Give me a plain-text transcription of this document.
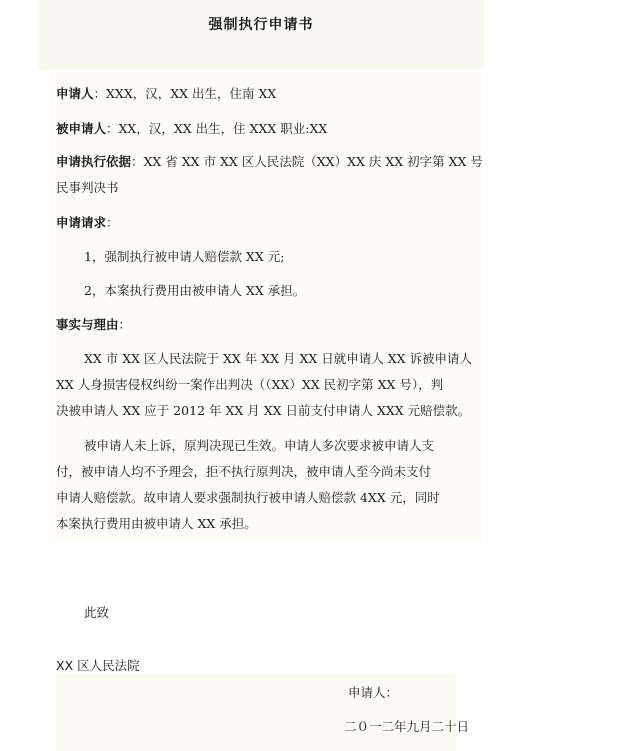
强制执行申请书
申请人：XXX，汉，XX 出生，住南 XX
被申请人：XX，汉，XX 出生，住 XXX 职业:XX
申请执行依据：XX 省 XX 市 XX 区人民法院（XX）XX 庆 XX 初字第 XX 号
民事判决书
申请请求：
1，强制执行被申请人赔偿款 XX 元;
2，本案执行费用由被申请人 XX 承担。
事实与理由：
XX 市 XX 区人民法院于 XX 年 XX 月 XX 日就申请人 XX 诉被申请人
XX 人身损害侵权纠纷一案作出判决（（XX）XX 民初字第 XX 号），判
决被申请人 XX 应于 2012 年 XX 月 XX 日前支付申请人 XXX 元赔偿款。
被申请人未上诉，原判决现已生效。申请人多次要求被申请人支
付，被申请人均不予理会，拒不执行原判决，被申请人至今尚未支付
申请人赔偿款。故申请人要求强制执行被申请人赔偿款 4XX 元，同时
本案执行费用由被申请人 XX 承担。
此致
XX 区人民法院
申请人：
二０一二年九月二十日
